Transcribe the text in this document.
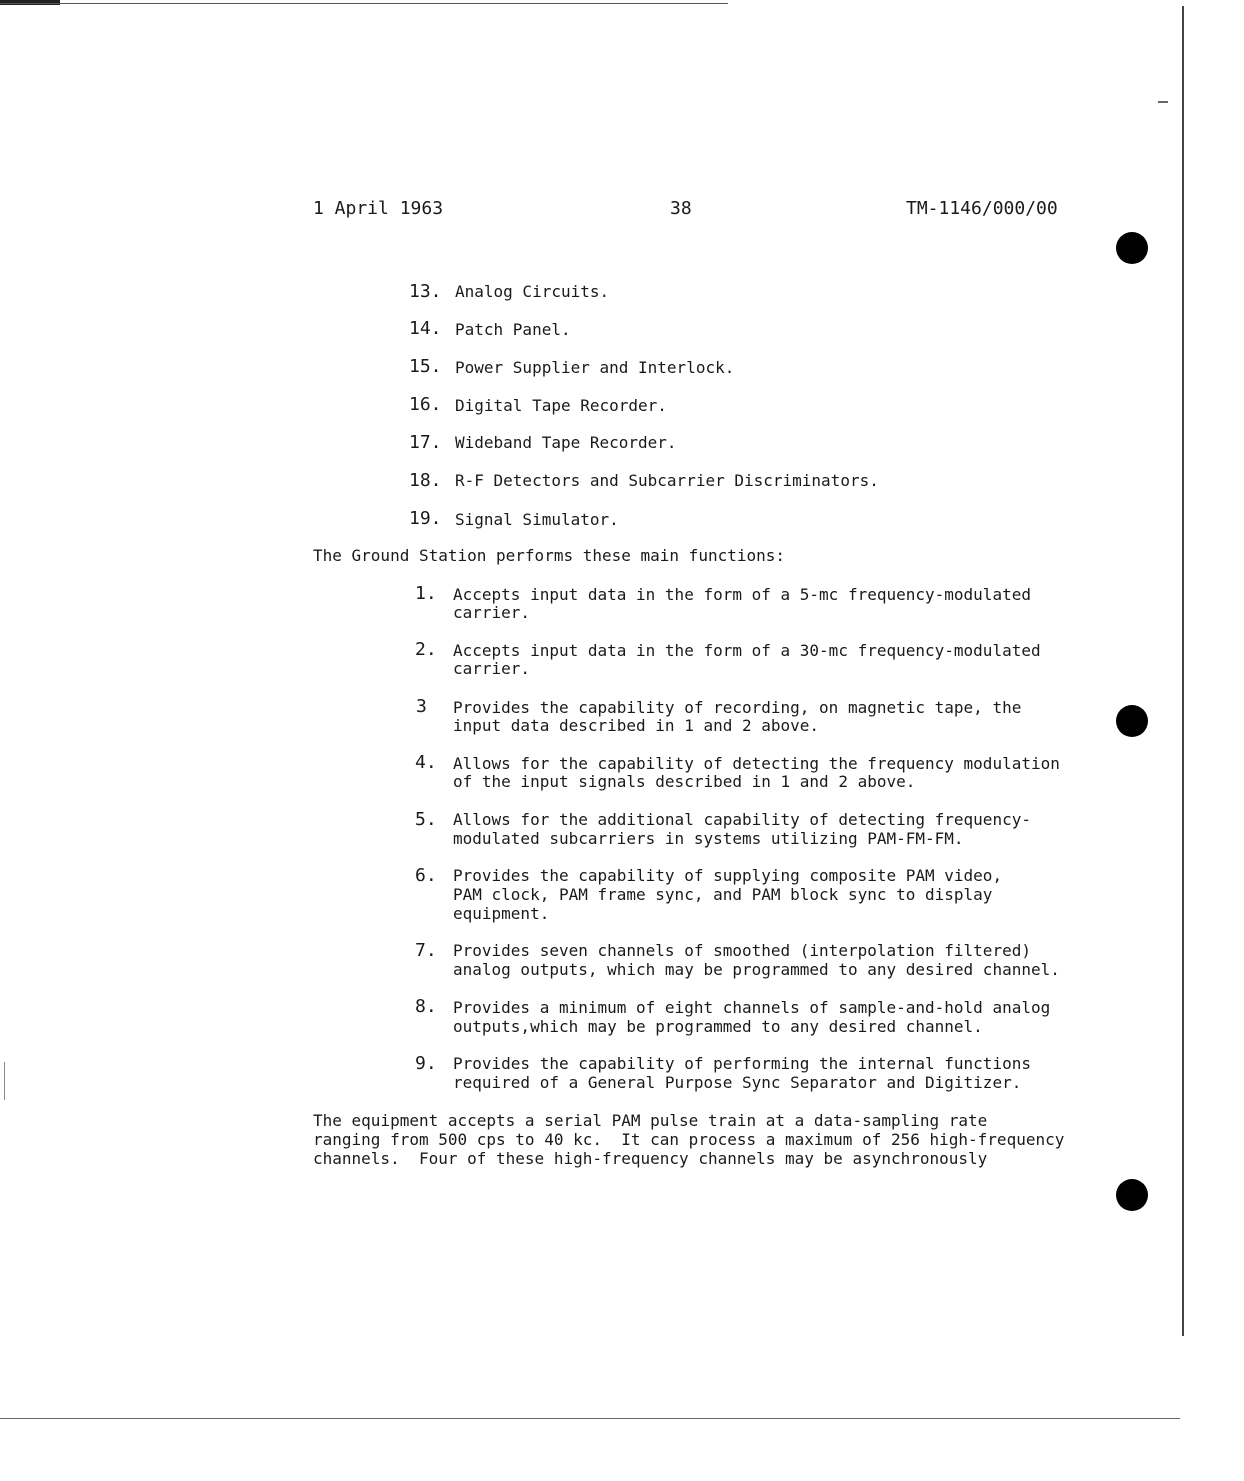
1 April 1963	38	TM-1146/000/00
13. Analog Circuits.
14. Patch Panel.
15. Power Supplier and Interlock.
16. Digital Tape Recorder.
17. Wideband Tape Recorder.
18. R-F Detectors and Subcarrier Discriminators.
19. Signal Simulator.
The Ground Station performs these main functions:
1. Accepts input data in the form of a 5-mc frequency-modulated
carrier.
2. Accepts input data in the form of a 30-mc frequency-modulated
carrier.
3 Provides the capability of recording, on magnetic tape, the
input data described in 1 and 2 above.
4. Allows for the capability of detecting the frequency modulation
of the input signals described in 1 and 2 above.
5. Allows for the additional capability of detecting frequency-
modulated subcarriers in systems utilizing PAM-FM-FM.
6. Provides the capability of supplying composite PAM video,
PAM clock, PAM frame sync, and PAM block sync to display
equipment.
7. Provides seven channels of smoothed (interpolation filtered)
analog outputs, which may be programmed to any desired channel.
8. Provides a minimum of eight channels of sample-and-hold analog
outputs,which may be programmed to any desired channel.
9. Provides the capability of performing the internal functions
required of a General Purpose Sync Separator and Digitizer.
The equipment accepts a serial PAM pulse train at a data-sampling rate
ranging from 500 cps to 40 kc.  It can process a maximum of 256 high-frequency
channels.  Four of these high-frequency channels may be asynchronously
